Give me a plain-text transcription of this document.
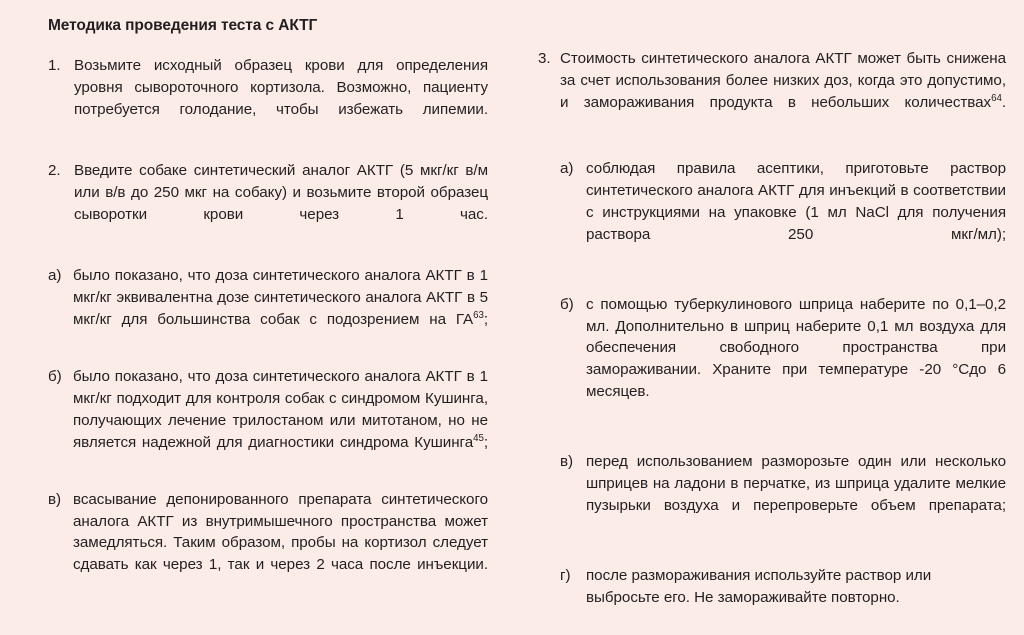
Методика проведения теста с АКТГ
1. Возьмите исходный образец крови для определения уровня сывороточного кортизола. Возможно, пациенту потребуется голодание, чтобы избежать липемии.
2. Введите собаке синтетический аналог АКТГ (5 мкг/кг в/м или в/в до 250 мкг на собаку) и возьмите второй образец сыворотки крови через 1 час.
а) было показано, что доза синтетического аналога АКТГ в 1 мкг/кг эквивалентна дозе синтетического аналога АКТГ в 5 мкг/кг для большинства собак с подозрением на ГА$^{63}$;
б) было показано, что доза синтетического аналога АКТГ в 1 мкг/кг подходит для контроля собак с синдромом Кушинга, получающих лечение трилостаном или митотаном, но не является надежной для диагностики синдрома Кушинга$^{45}$;
в) всасывание депонированного препарата синтетического аналога АКТГ из внутримышечного пространства может замедляться. Таким образом, пробы на кортизол следует сдавать как через 1, так и через 2 часа после инъекции.
3. Стоимость синтетического аналога АКТГ может быть снижена за счет использования более низких доз, когда это допустимо, и замораживания продукта в небольших количествах$^{64}$.
а) соблюдая правила асептики, приготовьте раствор синтетического аналога АКТГ для инъекций в соответствии с инструкциями на упаковке (1 мл NaCl для получения раствора 250 мкг/мл);
б) с помощью туберкулинового шприца наберите по 0,1–0,2 мл. Дополнительно в шприц наберите 0,1 мл воздуха для обеспечения свободного пространства при замораживании. Храните при температуре -20 °Сдо 6 месяцев.
в) перед использованием разморозьте один или несколько шприцев на ладони в перчатке, из шприца удалите мелкие пузырьки воздуха и перепроверьте объем препарата;
г)	после размораживания используйте раствор или выбросьте его. Не замораживайте повторно.
